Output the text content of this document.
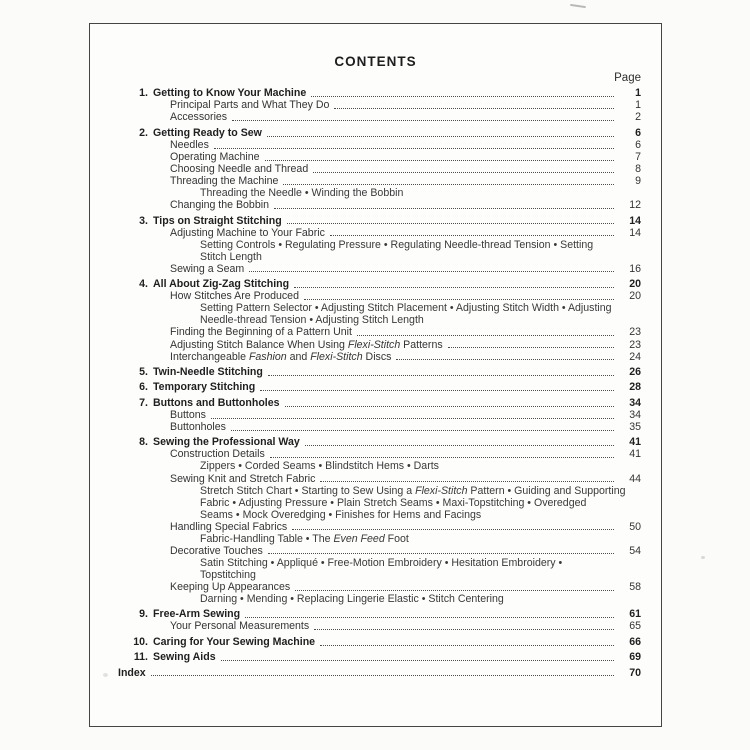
CONTENTS
Page
1. Getting to Know Your Machine	1
Principal Parts and What They Do	1
Accessories	2
2. Getting Ready to Sew	6
Needles	6
Operating Machine	7
Choosing Needle and Thread	8
Threading the Machine	9
Threading the Needle • Winding the Bobbin
Changing the Bobbin	12
3. Tips on Straight Stitching	14
Adjusting Machine to Your Fabric	14
Setting Controls • Regulating Pressure • Regulating Needle-thread Tension • Setting
Stitch Length
Sewing a Seam	16
4. All About Zig-Zag Stitching	20
How Stitches Are Produced	20
Setting Pattern Selector • Adjusting Stitch Placement • Adjusting Stitch Width • Adjusting
Needle-thread Tension • Adjusting Stitch Length
Finding the Beginning of a Pattern Unit	23
Adjusting Stitch Balance When Using Flexi-Stitch Patterns	23
Interchangeable Fashion and Flexi-Stitch Discs	24
5. Twin-Needle Stitching	26
6. Temporary Stitching	28
7. Buttons and Buttonholes	34
Buttons	34
Buttonholes	35
8. Sewing the Professional Way	41
Construction Details	41
Zippers • Corded Seams • Blindstitch Hems • Darts
Sewing Knit and Stretch Fabric	44
Stretch Stitch Chart • Starting to Sew Using a Flexi-Stitch Pattern • Guiding and Supporting
Fabric • Adjusting Pressure • Plain Stretch Seams • Maxi-Topstitching • Overedged
Seams • Mock Overedging • Finishes for Hems and Facings
Handling Special Fabrics	50
Fabric-Handling Table • The Even Feed Foot
Decorative Touches	54
Satin Stitching • Appliqué • Free-Motion Embroidery • Hesitation Embroidery •
Topstitching
Keeping Up Appearances	58
Darning • Mending • Replacing Lingerie Elastic • Stitch Centering
9. Free-Arm Sewing	61
Your Personal Measurements	65
10. Caring for Your Sewing Machine	66
11. Sewing Aids	69
Index	70
